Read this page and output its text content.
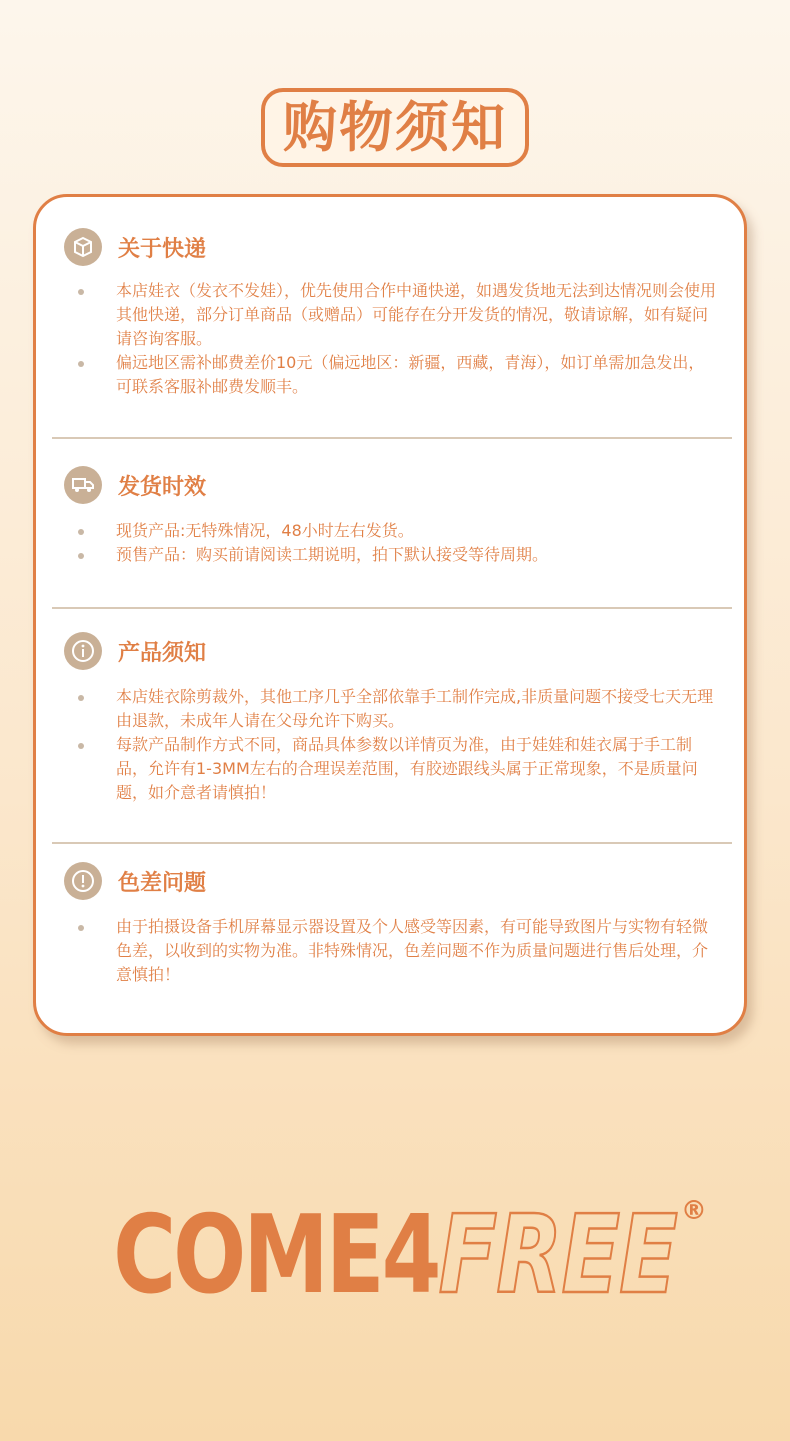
购物须知
关于快递
本店娃衣（发衣不发娃），优先使用合作中通快递，如遇发货地无法到达情况则会使用其他快递，部分订单商品（或赠品）可能存在分开发货的情况，敬请谅解，如有疑问请咨询客服。
偏远地区需补邮费差价10元（偏远地区：新疆，西藏，青海），如订单需加急发出，可联系客服补邮费发顺丰。
发货时效
现货产品:无特殊情况，48小时左右发货。
预售产品：购买前请阅读工期说明，拍下默认接受等待周期。
产品须知
本店娃衣除剪裁外，其他工序几乎全部依靠手工制作完成,非质量问题不接受七天无理由退款，未成年人请在父母允许下购买。
每款产品制作方式不同，商品具体参数以详情页为准，由于娃娃和娃衣属于手工制品，允许有1-3MM左右的合理误差范围，有胶迹跟线头属于正常现象，不是质量问题，如介意者请慎拍！
色差问题
由于拍摄设备手机屏幕显示器设置及个人感受等因素，有可能导致图片与实物有轻微色差，以收到的实物为准。非特殊情况，色差问题不作为质量问题进行售后处理，介意慎拍！
COME4FREE ®
